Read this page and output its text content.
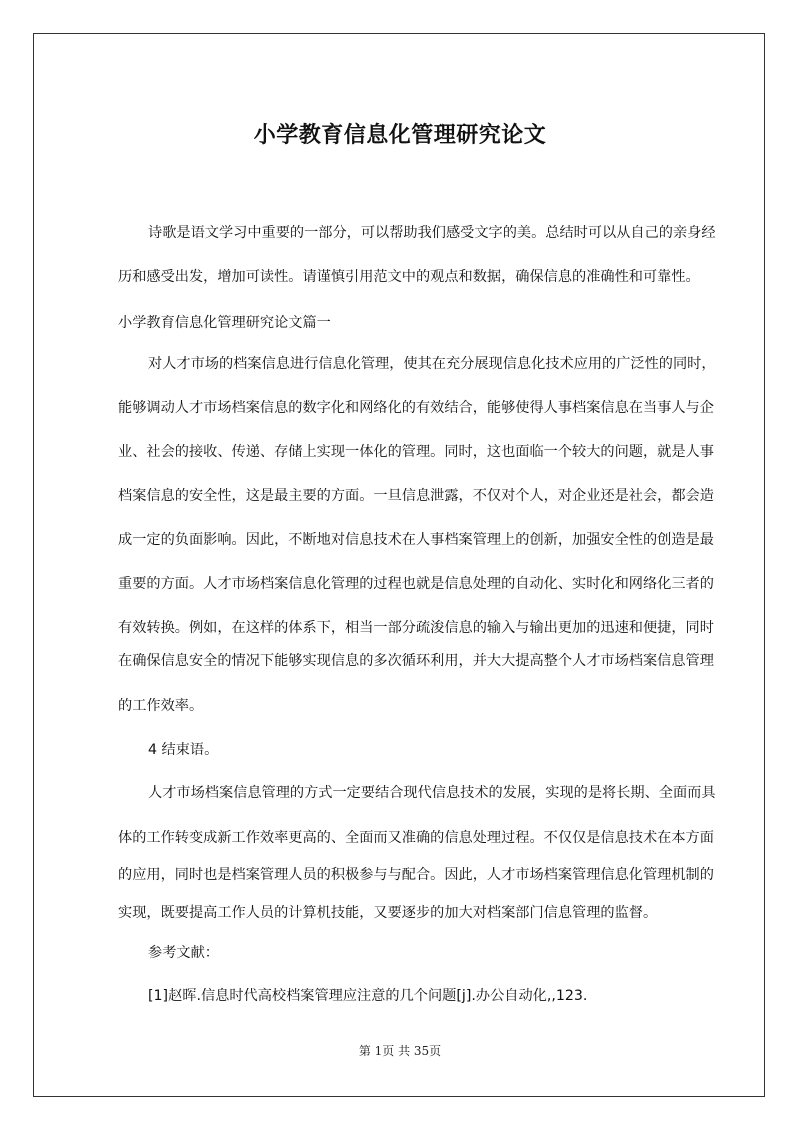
小学教育信息化管理研究论文
诗歌是语文学习中重要的一部分，可以帮助我们感受文字的美。总结时可以从自己的亲身经
历和感受出发，增加可读性。请谨慎引用范文中的观点和数据，确保信息的准确性和可靠性。
小学教育信息化管理研究论文篇一
对人才市场的档案信息进行信息化管理，使其在充分展现信息化技术应用的广泛性的同时，
能够调动人才市场档案信息的数字化和网络化的有效结合，能够使得人事档案信息在当事人与企
业、社会的接收、传递、存储上实现一体化的管理。同时，这也面临一个较大的问题，就是人事
档案信息的安全性，这是最主要的方面。一旦信息泄露，不仅对个人，对企业还是社会，都会造
成一定的负面影响。因此，不断地对信息技术在人事档案管理上的创新，加强安全性的创造是最
重要的方面。人才市场档案信息化管理的过程也就是信息处理的自动化、实时化和网络化三者的
有效转换。例如，在这样的体系下，相当一部分疏浚信息的输入与输出更加的迅速和便捷，同时
在确保信息安全的情况下能够实现信息的多次循环利用，并大大提高整个人才市场档案信息管理
的工作效率。
4 结束语。
人才市场档案信息管理的方式一定要结合现代信息技术的发展，实现的是将长期、全面而具
体的工作转变成新工作效率更高的、全面而又准确的信息处理过程。不仅仅是信息技术在本方面
的应用，同时也是档案管理人员的积极参与与配合。因此，人才市场档案管理信息化管理机制的
实现，既要提高工作人员的计算机技能，又要逐步的加大对档案部门信息管理的监督。
参考文献：
[1]赵晖.信息时代高校档案管理应注意的几个问题[j].办公自动化,,123.
第 1页 共 35页
